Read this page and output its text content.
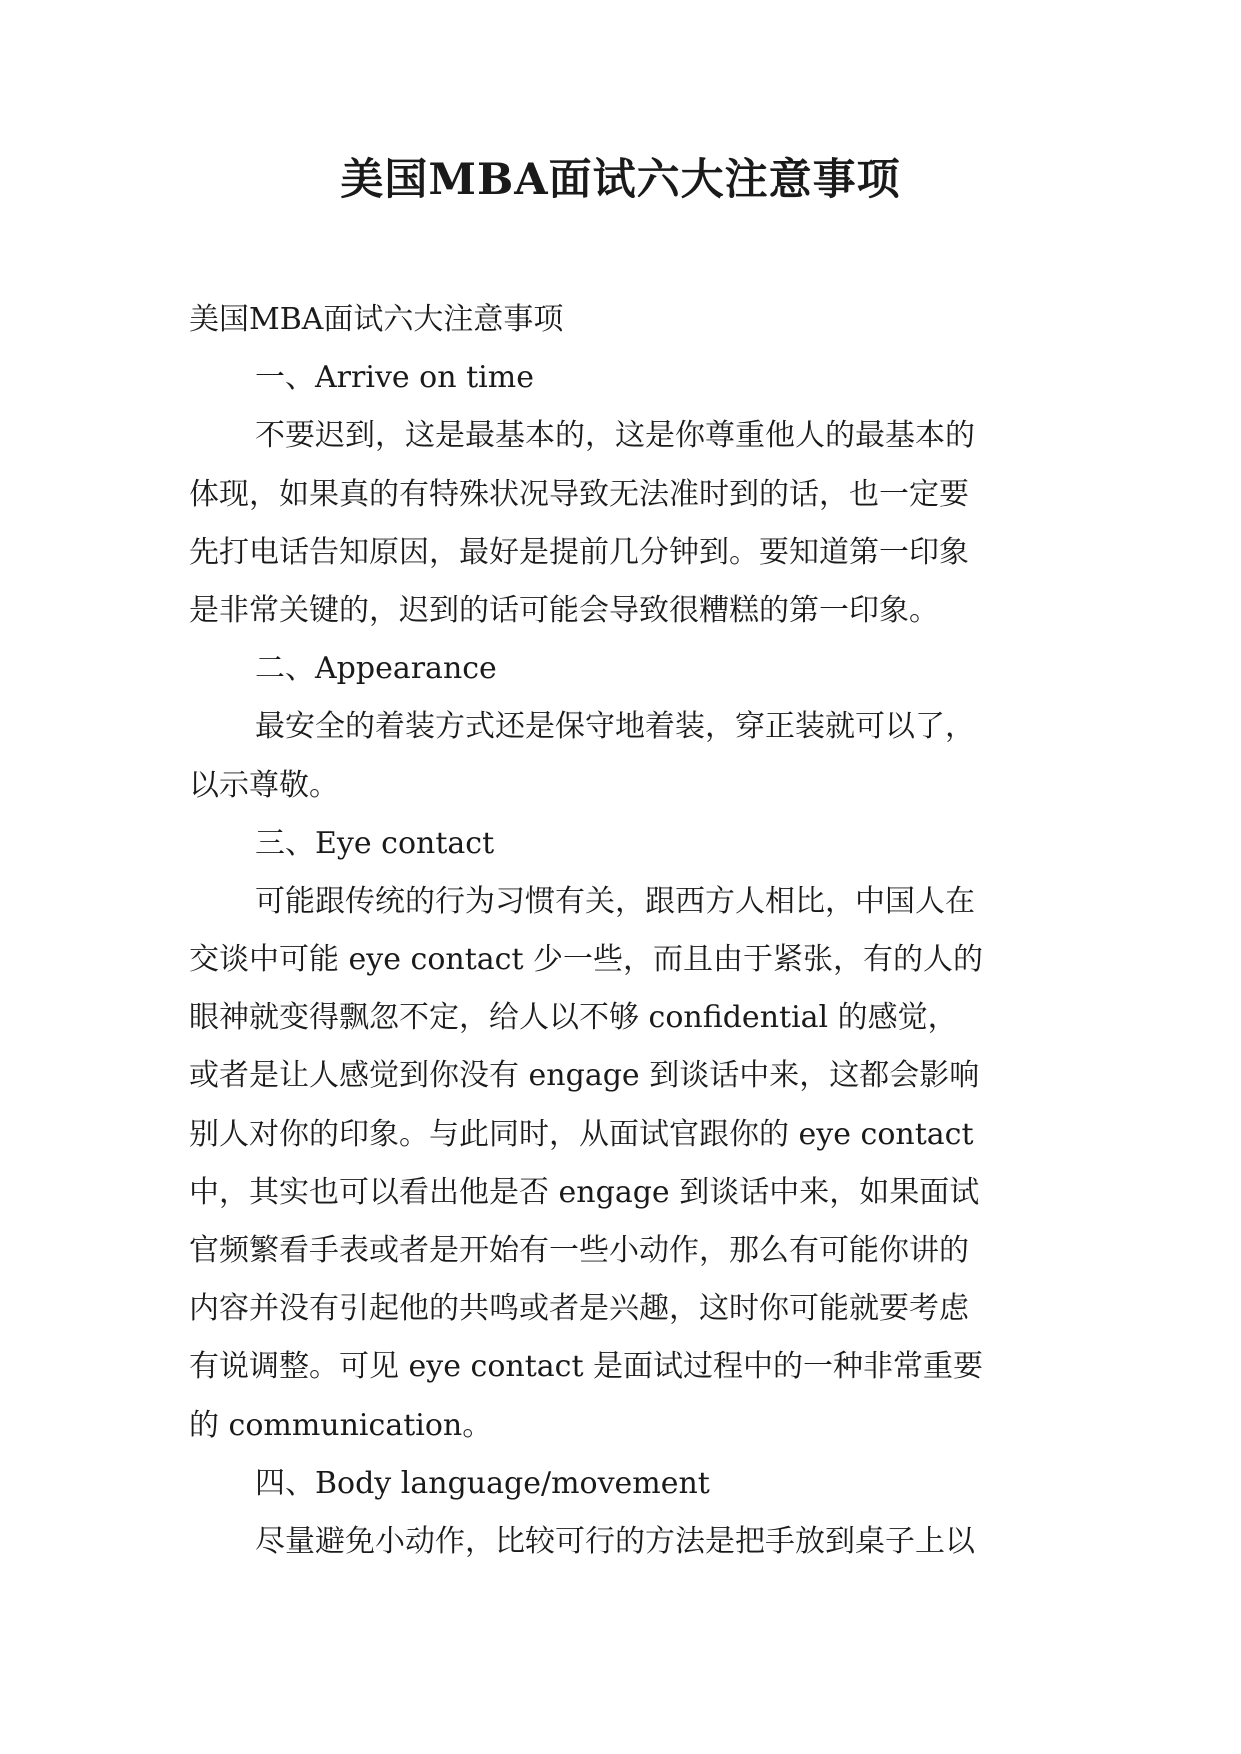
美国MBA面试六大注意事项

美国MBA面试六大注意事项

一、Arrive on time

不要迟到，这是最基本的，这是你尊重他人的最基本的

体现，如果真的有特殊状况导致无法准时到的话，也一定要

先打电话告知原因，最好是提前几分钟到。要知道第一印象

是非常关键的，迟到的话可能会导致很糟糕的第一印象。

二、Appearance

最安全的着装方式还是保守地着装，穿正装就可以了，

以示尊敬。

三、Eye contact

可能跟传统的行为习惯有关，跟西方人相比，中国人在

交谈中可能 eye contact 少一些，而且由于紧张，有的人的

眼神就变得飘忽不定，给人以不够 confidential 的感觉，

或者是让人感觉到你没有 engage 到谈话中来，这都会影响

别人对你的印象。与此同时，从面试官跟你的 eye contact

中，其实也可以看出他是否 engage 到谈话中来，如果面试

官频繁看手表或者是开始有一些小动作，那么有可能你讲的

内容并没有引起他的共鸣或者是兴趣，这时你可能就要考虑

有说调整。可见 eye contact 是面试过程中的一种非常重要

的 communication。

四、Body language/movement

尽量避免小动作，比较可行的方法是把手放到桌子上以
